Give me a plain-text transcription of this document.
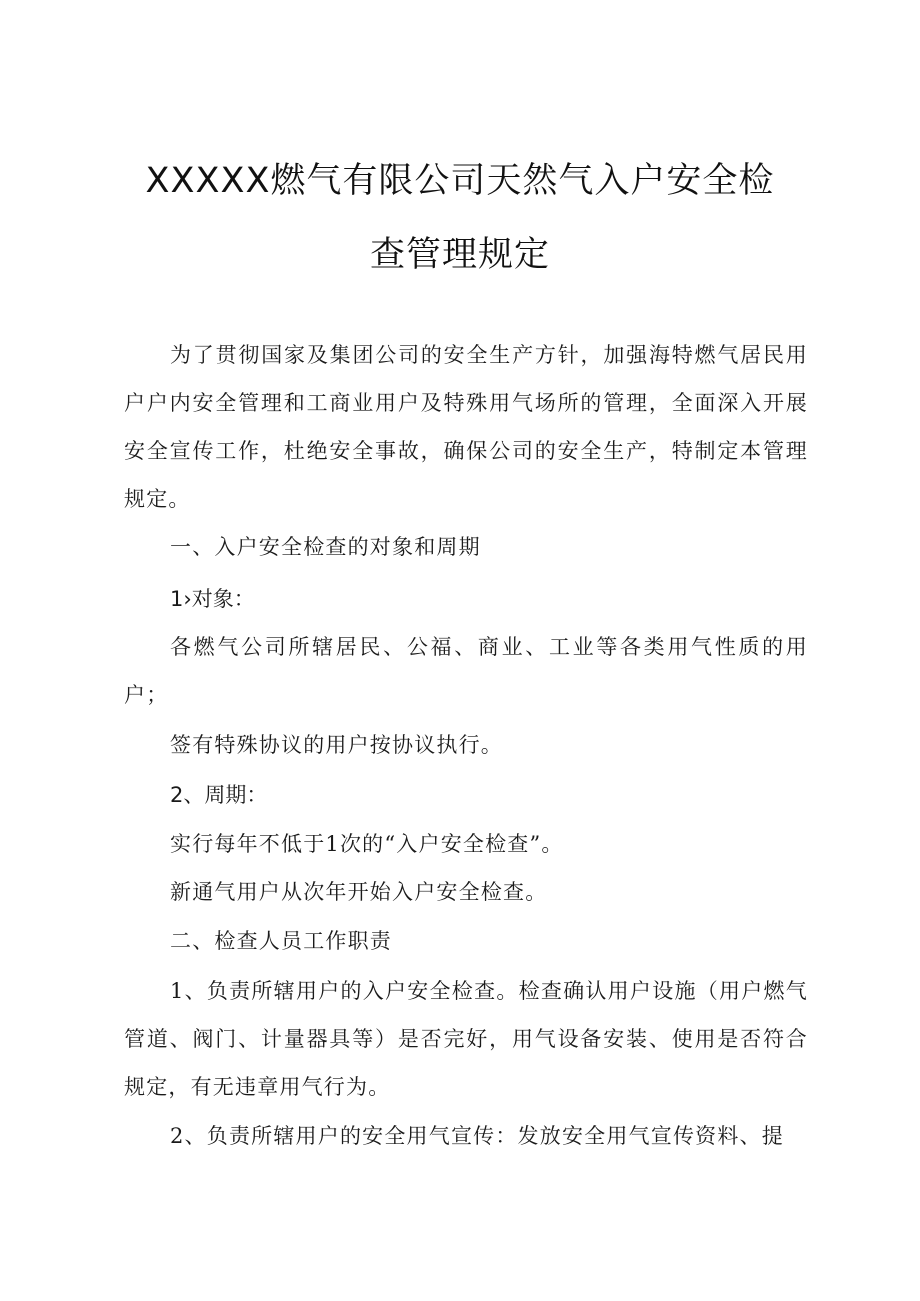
XXXXX燃气有限公司天然气入户安全检
查管理规定
为了贯彻国家及集团公司的安全生产方针，加强海特燃气居民用户户内安全管理和工商业用户及特殊用气场所的管理，全面深入开展安全宣传工作，杜绝安全事故，确保公司的安全生产，特制定本管理规定。
一、入户安全检查的对象和周期
1›对象：
各燃气公司所辖居民、公福、商业、工业等各类用气性质的用户；
签有特殊协议的用户按协议执行。
2、周期：
实行每年不低于1次的“入户安全检查”。
新通气用户从次年开始入户安全检查。
二、检查人员工作职责
1、负责所辖用户的入户安全检查。检查确认用户设施（用户燃气管道、阀门、计量器具等）是否完好，用气设备安装、使用是否符合规定，有无违章用气行为。
2、负责所辖用户的安全用气宣传：发放安全用气宣传资料、提
